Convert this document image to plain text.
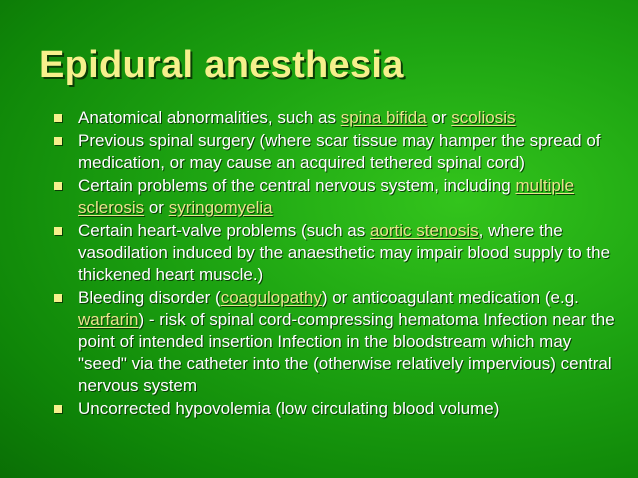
Epidural anesthesia
Anatomical abnormalities, such as spina bifida or scoliosis
Previous spinal surgery (where scar tissue may hamper the spread of medication, or may cause an acquired tethered spinal cord)
Certain problems of the central nervous system, including multiple sclerosis or syringomyelia
Certain heart-valve problems (such as aortic stenosis, where the vasodilation induced by the anaesthetic may impair blood supply to the thickened heart muscle.)
Bleeding disorder (coagulopathy) or anticoagulant medication (e.g. warfarin) - risk of spinal cord-compressing hematoma Infection near the point of intended insertion Infection in the bloodstream which may "seed" via the catheter into the (otherwise relatively impervious) central nervous system
Uncorrected hypovolemia (low circulating blood volume)
